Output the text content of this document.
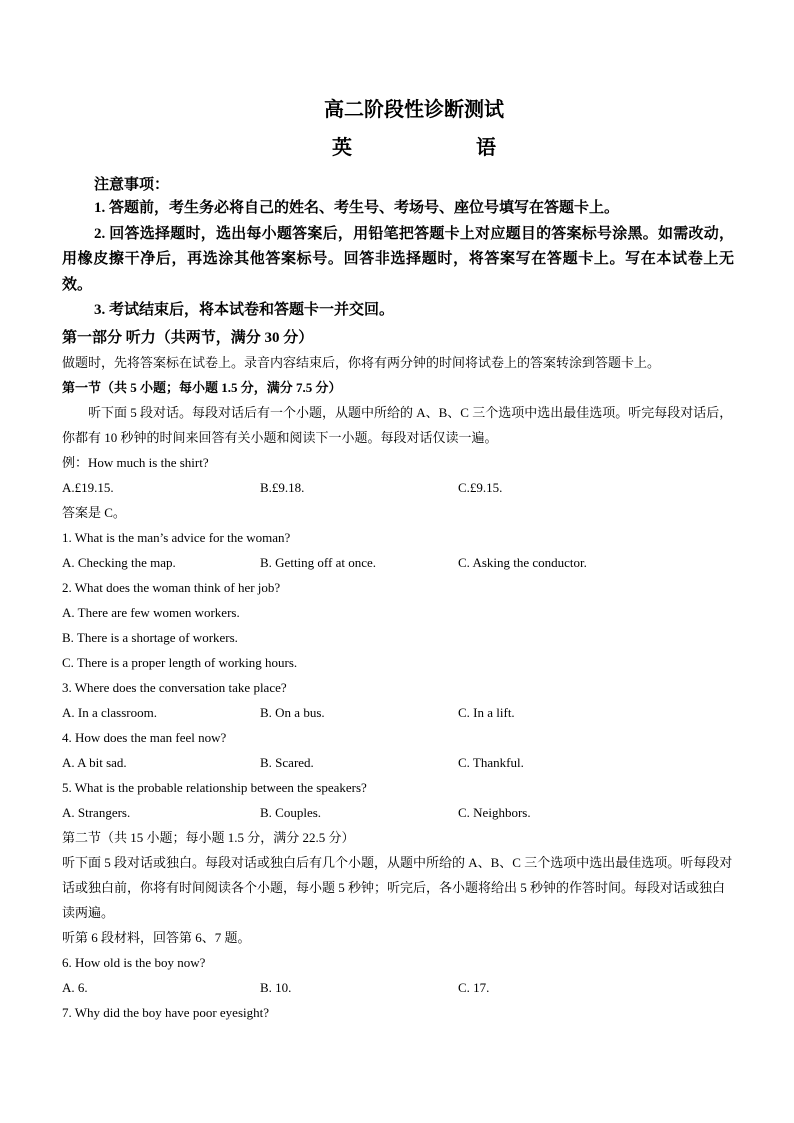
高二阶段性诊断测试
英	语
注意事项：
1. 答题前，考生务必将自己的姓名、考生号、考场号、座位号填写在答题卡上。
2. 回答选择题时，选出每小题答案后，用铅笔把答题卡上对应题目的答案标号涂黑。如需改动，用橡皮擦干净后，再选涂其他答案标号。回答非选择题时，将答案写在答题卡上。写在本试卷上无效。
3. 考试结束后，将本试卷和答题卡一并交回。
第一部分 听力（共两节，满分 30 分）
做题时，先将答案标在试卷上。录音内容结束后，你将有两分钟的时间将试卷上的答案转涂到答题卡上。
第一节（共 5 小题；每小题 1.5 分，满分 7.5 分）
听下面 5 段对话。每段对话后有一个小题，从题中所给的 A、B、C 三个选项中选出最佳选项。听完每段对话后，你都有 10 秒钟的时间来回答有关小题和阅读下一小题。每段对话仅读一遍。
例：How much is the shirt?
A.£19.15.	B.£9.18.	C.£9.15.
答案是 C。
1. What is the man’s advice for the woman?
A. Checking the map.	B. Getting off at once.	C. Asking the conductor.
2. What does the woman think of her job?
A. There are few women workers.
B. There is a shortage of workers.
C. There is a proper length of working hours.
3. Where does the conversation take place?
A. In a classroom.	B. On a bus.	C. In a lift.
4. How does the man feel now?
A. A bit sad.	B. Scared.	C. Thankful.
5. What is the probable relationship between the speakers?
A. Strangers.	B. Couples.	C. Neighbors.
第二节（共 15 小题；每小题 1.5 分，满分 22.5 分）
听下面 5 段对话或独白。每段对话或独白后有几个小题，从题中所给的 A、B、C 三个选项中选出最佳选项。听每段对话或独白前，你将有时间阅读各个小题，每小题 5 秒钟；听完后，各小题将给出 5 秒钟的作答时间。每段对话或独白读两遍。
听第 6 段材料，回答第 6、7 题。
6. How old is the boy now?
A. 6.	B. 10.	C. 17.
7. Why did the boy have poor eyesight?
